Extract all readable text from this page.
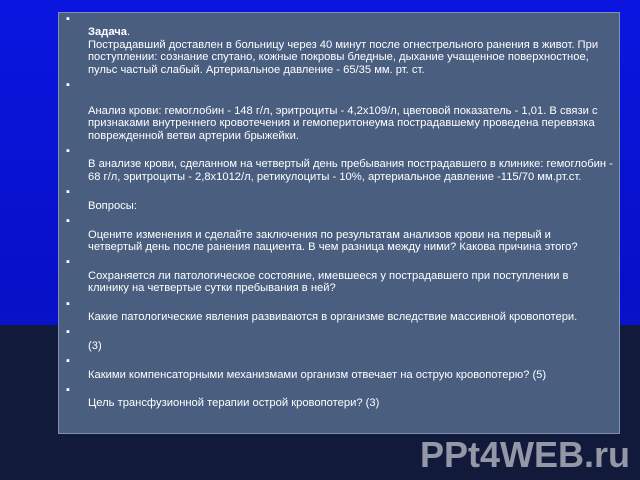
▪
Задача.
Пострадавший доставлен в больницу через 40 минут после огнестрельного ранения в живот. При поступлении: сознание спутано, кожные покровы бледные, дыхание учащенное поверхностное, пульс частый слабый. Артериальное давление - 65/35 мм. рт. ст.

▪

Анализ крови: гемоглобин - 148 г/л, эритроциты - 4,2х109/л, цветовой показатель - 1,01. В связи с признаками внутреннего кровотечения и гемоперитонеума пострадавшему проведена перевязка поврежденной ветви артерии брыжейки.

▪
В анализе крови, сделанном на четвертый день пребывания пострадавшего в клинике: гемоглобин - 68 г/л, эритроциты - 2,8х1012/л, ретикулоциты - 10%, артериальное давление -115/70 мм.рт.ст.

▪
Вопросы:

▪
Оцените изменения и сделайте заключения по результатам анализов крови на первый и
четвертый день после ранения пациента. В чем разница между ними? Какова причина этого?

▪
Сохраняется ли патологическое состояние, имевшееся у пострадавшего при поступлении в
клинику на четвертые сутки пребывания в ней?

▪
Какие патологические явления развиваются в организме вследствие массивной кровопотери.

▪
(3)

▪
Какими компенсаторными механизмами организм отвечает на острую кровопотерю? (5)

▪
Цель трансфузионной терапии острой кровопотери? (3)

PPt4WEB.ru
